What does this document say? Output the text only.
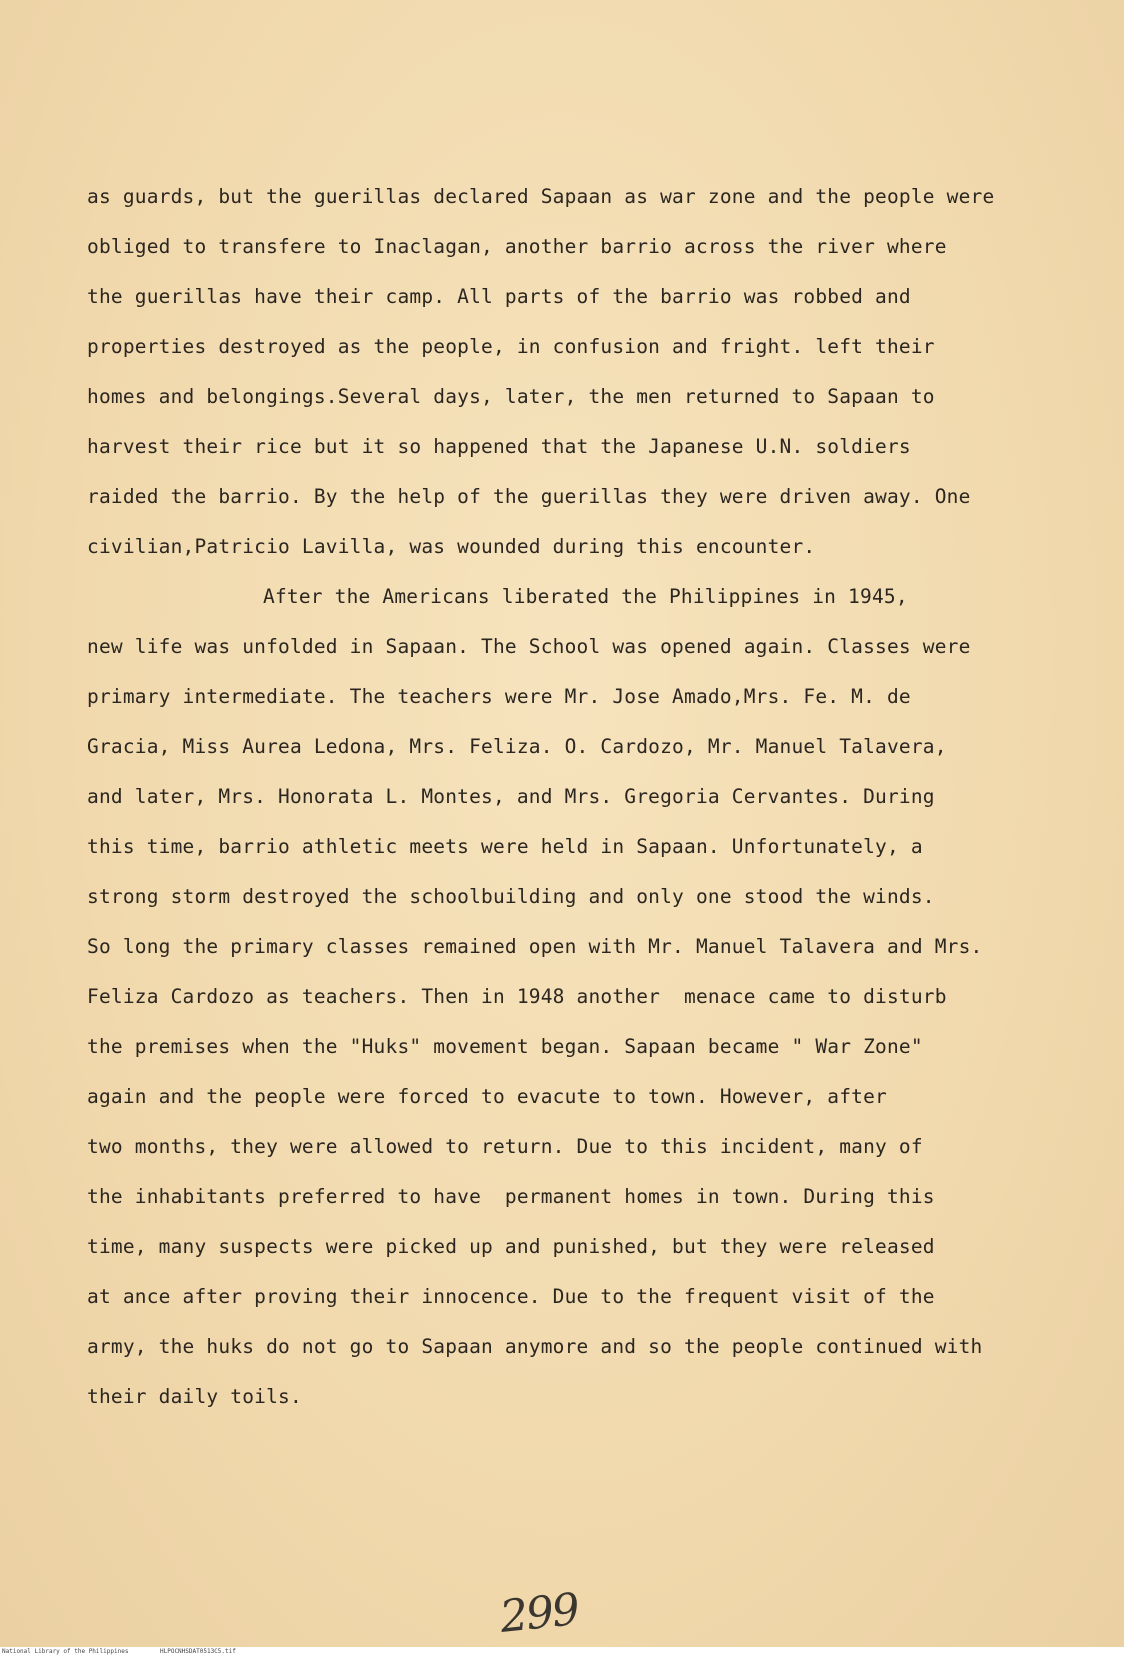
as guards, but the guerillas declared Sapaan as war zone and the people were
obliged to transfere to Inaclagan, another barrio across the river where
the guerillas have their camp. All parts of the barrio was robbed and
properties destroyed as the people, in confusion and fright. left their
homes and belongings.Several days, later, the men returned to Sapaan to
harvest their rice but it so happened that the Japanese U.N. soldiers
raided the barrio. By the help of the guerillas they were driven away. One
civilian,Patricio Lavilla, was wounded during this encounter.
After the Americans liberated the Philippines in 1945,
new life was unfolded in Sapaan. The School was opened again. Classes were
primary intermediate. The teachers were Mr. Jose Amado,Mrs. Fe. M. de
Gracia, Miss Aurea Ledona, Mrs. Feliza. O. Cardozo, Mr. Manuel Talavera,
and later, Mrs. Honorata L. Montes, and Mrs. Gregoria Cervantes. During
this time, barrio athletic meets were held in Sapaan. Unfortunately, a
strong storm destroyed the schoolbuilding and only one stood the winds.
So long the primary classes remained open with Mr. Manuel Talavera and Mrs.
Feliza Cardozo as teachers. Then in 1948 another  menace came to disturb
the premises when the "Huks" movement began. Sapaan became " War Zone"
again and the people were forced to evacute to town. However, after
two months, they were allowed to return. Due to this incident, many of
the inhabitants preferred to have  permanent homes in town. During this
time, many suspects were picked up and punished, but they were released
at ance after proving their innocence. Due to the frequent visit of the
army, the huks do not go to Sapaan anymore and so the people continued with
their daily toils.
299
National Library of the Philippines	HLPOCNHSDAT0513C5.tif
